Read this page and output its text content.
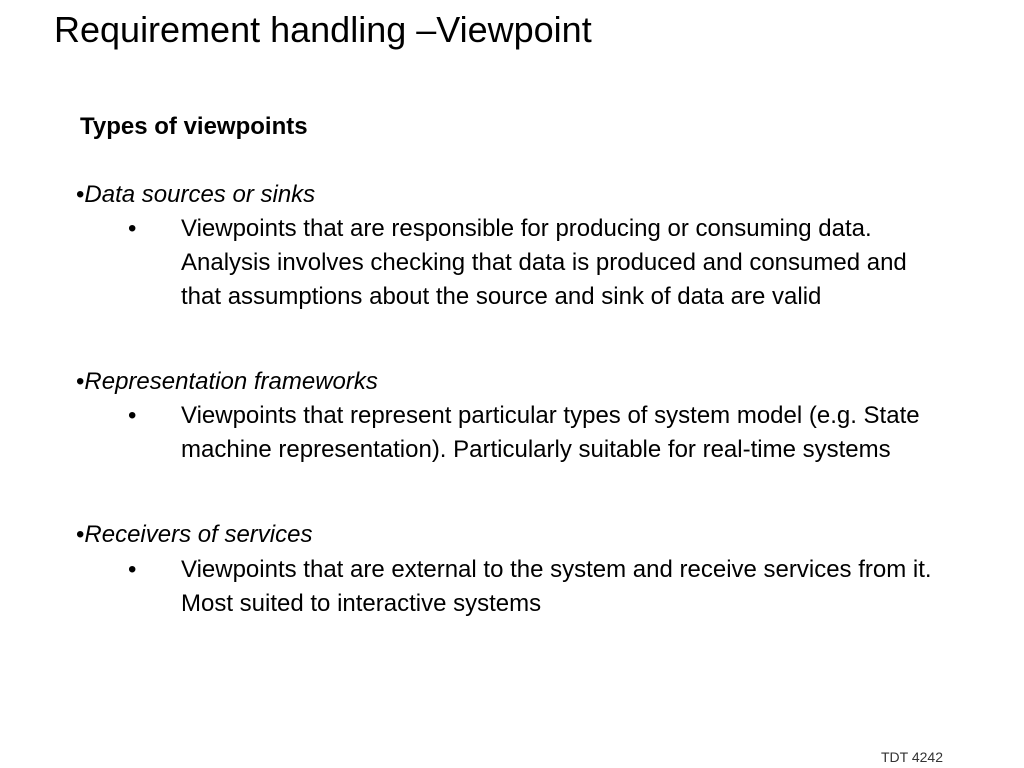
Requirement handling –Viewpoint
Types of viewpoints
•Data sources or sinks
• Viewpoints that are responsible for producing or consuming data. Analysis involves checking that data is produced and consumed and that assumptions about the source and sink of data are valid
•Representation frameworks
• Viewpoints that represent particular types of system model (e.g. State machine representation). Particularly suitable for real-time systems
•Receivers of services
• Viewpoints that are external to the system and receive services from it. Most suited to interactive systems
TDT 4242
